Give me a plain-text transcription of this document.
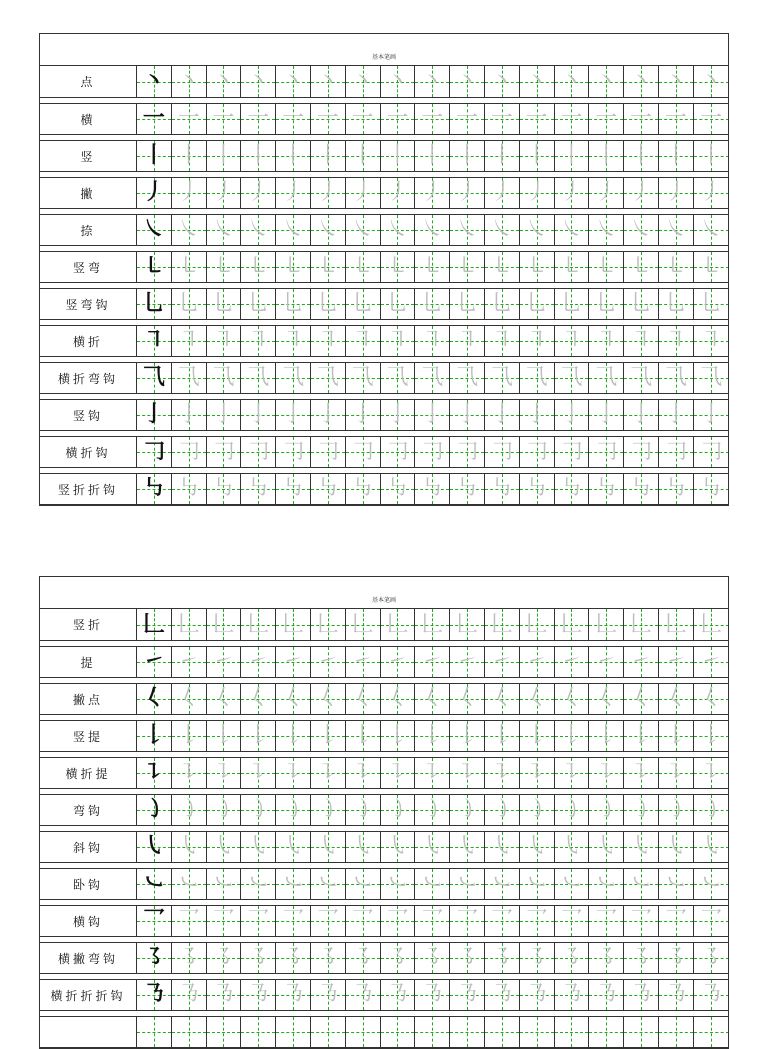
基本笔画
点	丶 丶 丶 丶 丶 丶 丶 丶 丶 丶 丶 丶 丶 丶 丶 丶 丶
横	一 一 一 一 一 一 一 一 一 一 一 一 一 一 一 一 一
竖	丨 丨 丨 丨 丨 丨 丨 丨 丨 丨 丨 丨 丨 丨 丨 丨 丨
撇	丿 丿 丿 丿 丿 丿 丿 丿 丿 丿 丿 丿 丿 丿 丿 丿 丿
捺	㇏ ㇏ ㇏ ㇏ ㇏ ㇏ ㇏ ㇏ ㇏ ㇏ ㇏ ㇏ ㇏ ㇏ ㇏ ㇏ ㇏
竖弯	㇄ ㇄ ㇄ ㇄ ㇄ ㇄ ㇄ ㇄ ㇄ ㇄ ㇄ ㇄ ㇄ ㇄ ㇄ ㇄ ㇄
竖弯钩	乚 乚 乚 乚 乚 乚 乚 乚 乚 乚 乚 乚 乚 乚 乚 乚 乚
横折	㇕ ㇕ ㇕ ㇕ ㇕ ㇕ ㇕ ㇕ ㇕ ㇕ ㇕ ㇕ ㇕ ㇕ ㇕ ㇕ ㇕
横折弯钩	⺄ ⺄ ⺄ ⺄ ⺄ ⺄ ⺄ ⺄ ⺄ ⺄ ⺄ ⺄ ⺄ ⺄ ⺄ ⺄ ⺄
竖钩	亅 亅 亅 亅 亅 亅 亅 亅 亅 亅 亅 亅 亅 亅 亅 亅 亅
横折钩	𠃌 𠃌 𠃌 𠃌 𠃌 𠃌 𠃌 𠃌 𠃌 𠃌 𠃌 𠃌 𠃌 𠃌 𠃌 𠃌 𠃌
竖折折钩	㇉ ㇉ ㇉ ㇉ ㇉ ㇉ ㇉ ㇉ ㇉ ㇉ ㇉ ㇉ ㇉ ㇉ ㇉ ㇉ ㇉
基本笔画
竖折	𠃊 𠃊 𠃊 𠃊 𠃊 𠃊 𠃊 𠃊 𠃊 𠃊 𠃊 𠃊 𠃊 𠃊 𠃊 𠃊 𠃊
提	㇀ ㇀ ㇀ ㇀ ㇀ ㇀ ㇀ ㇀ ㇀ ㇀ ㇀ ㇀ ㇀ ㇀ ㇀ ㇀ ㇀
撇点	𡿨 𡿨 𡿨 𡿨 𡿨 𡿨 𡿨 𡿨 𡿨 𡿨 𡿨 𡿨 𡿨 𡿨 𡿨 𡿨 𡿨
竖提	𠄌 𠄌 𠄌 𠄌 𠄌 𠄌 𠄌 𠄌 𠄌 𠄌 𠄌 𠄌 𠄌 𠄌 𠄌 𠄌 𠄌
横折提	㇊ ㇊ ㇊ ㇊ ㇊ ㇊ ㇊ ㇊ ㇊ ㇊ ㇊ ㇊ ㇊ ㇊ ㇊ ㇊ ㇊
弯钩	㇁ ㇁ ㇁ ㇁ ㇁ ㇁ ㇁ ㇁ ㇁ ㇁ ㇁ ㇁ ㇁ ㇁ ㇁ ㇁ ㇁
斜钩	㇂ ㇂ ㇂ ㇂ ㇂ ㇂ ㇂ ㇂ ㇂ ㇂ ㇂ ㇂ ㇂ ㇂ ㇂ ㇂ ㇂
卧钩	㇃ ㇃ ㇃ ㇃ ㇃ ㇃ ㇃ ㇃ ㇃ ㇃ ㇃ ㇃ ㇃ ㇃ ㇃ ㇃ ㇃
横钩	乛 乛 乛 乛 乛 乛 乛 乛 乛 乛 乛 乛 乛 乛 乛 乛 乛
横撇弯钩	㇌ ㇌ ㇌ ㇌ ㇌ ㇌ ㇌ ㇌ ㇌ ㇌ ㇌ ㇌ ㇌ ㇌ ㇌ ㇌ ㇌
横折折折钩 ㇡ ㇡ ㇡ ㇡ ㇡ ㇡ ㇡ ㇡ ㇡ ㇡ ㇡ ㇡ ㇡ ㇡ ㇡ ㇡ ㇡
